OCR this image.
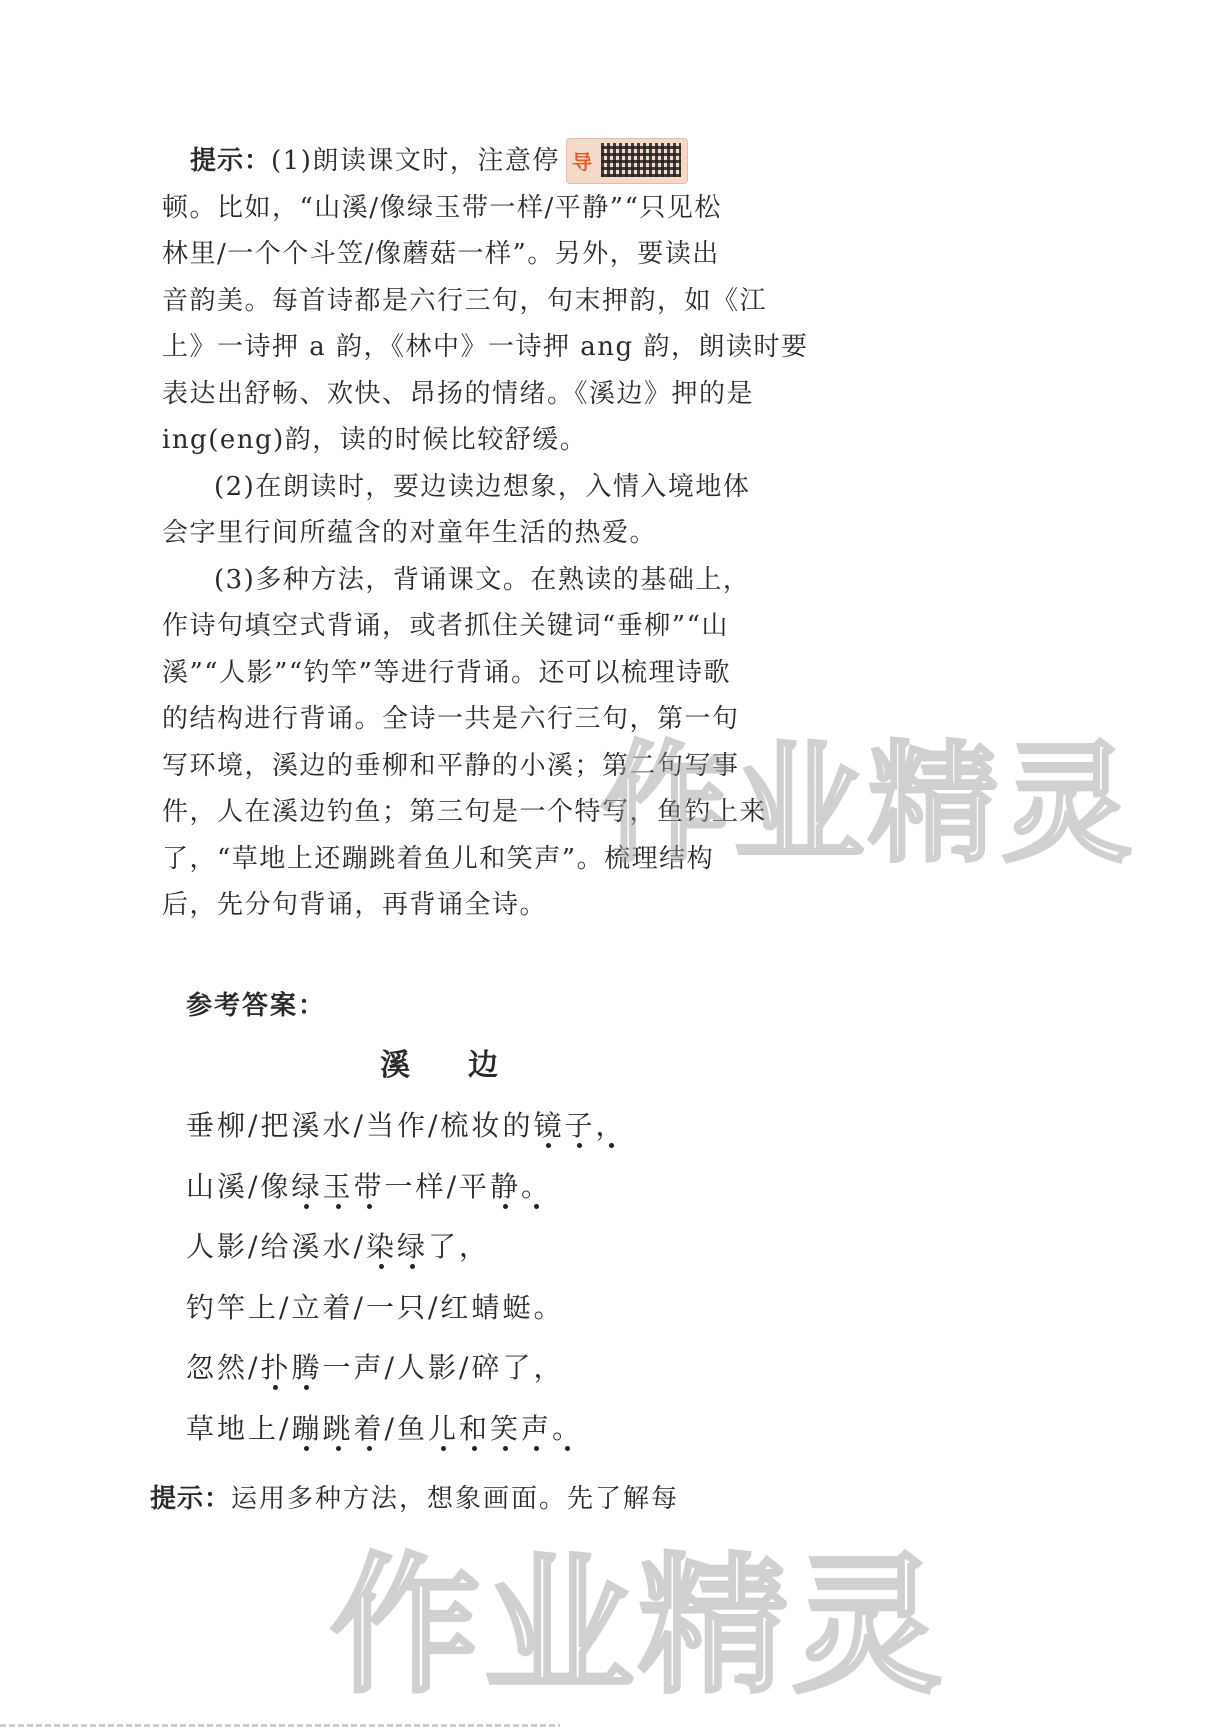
导
提示：(1)朗读课文时，注意停
顿。比如，“山溪/像绿玉带一样/平静”“只见松
林里/一个个斗笠/像蘑菇一样”。另外，要读出
音韵美。每首诗都是六行三句，句末押韵，如《江
上》一诗押 a 韵，《林中》一诗押 ang 韵，朗读时要
表达出舒畅、欢快、昂扬的情绪。《溪边》押的是
ing(eng)韵，读的时候比较舒缓。
(2)在朗读时，要边读边想象，入情入境地体
会字里行间所蕴含的对童年生活的热爱。
(3)多种方法，背诵课文。在熟读的基础上，
作诗句填空式背诵，或者抓住关键词“垂柳”“山
溪”“人影”“钓竿”等进行背诵。还可以梳理诗歌
的结构进行背诵。全诗一共是六行三句，第一句
写环境，溪边的垂柳和平静的小溪；第二句写事
件，人在溪边钓鱼；第三句是一个特写，鱼钓上来
了，“草地上还蹦跳着鱼儿和笑声”。梳理结构
后，先分句背诵，再背诵全诗。
参考答案：
溪边
垂柳/把溪水/当作/梳妆的镜子，
山溪/像绿玉带一样/平静。
人影/给溪水/染绿了，
钓竿上/立着/一只/红蜻蜓。
忽然/扑腾一声/人影/碎了，
草地上/蹦跳着/鱼儿和笑声。
提示：运用多种方法，想象画面。先了解每
作业精灵
作业精灵
